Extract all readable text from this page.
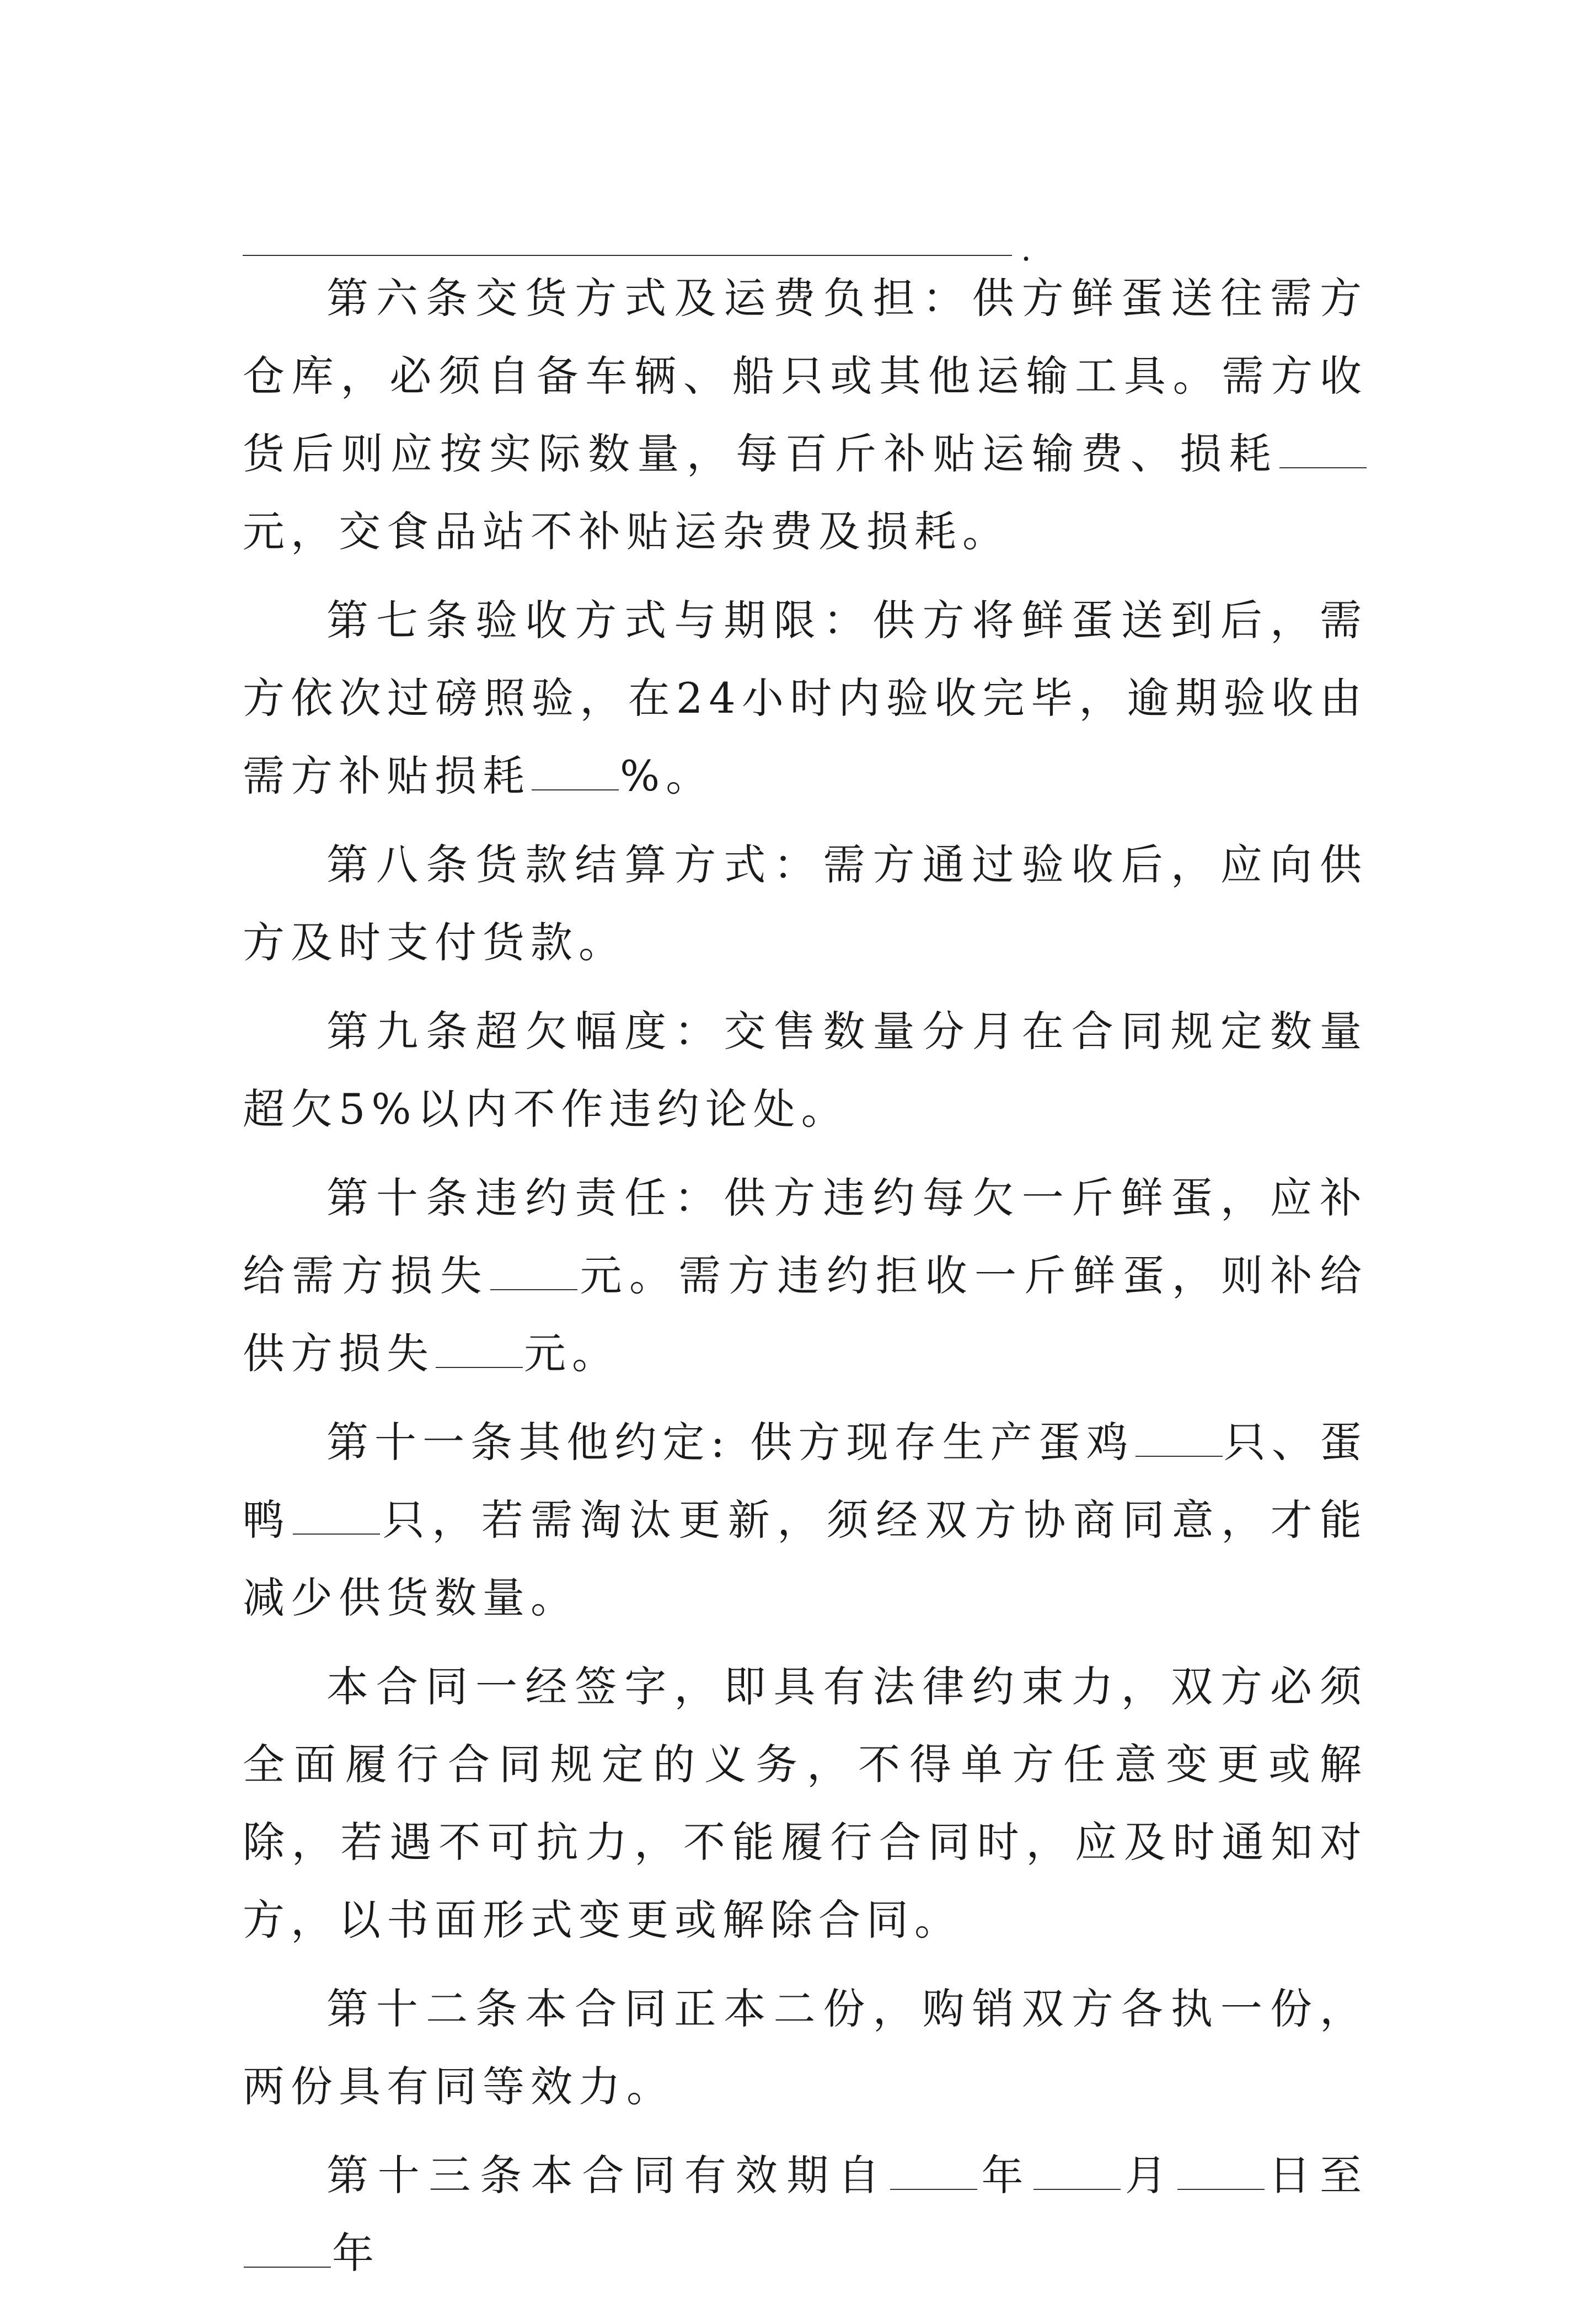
.

第六条交货方式及运费负担：供方鲜蛋送往需方仓库，必须自备车辆、船只或其他运输工具。需方收货后则应按实际数量，每百斤补贴运输费、损耗元，交食品站不补贴运杂费及损耗。

第七条验收方式与期限：供方将鲜蛋送到后，需方依次过磅照验，在24小时内验收完毕，逾期验收由需方补贴损耗 %。

第八条货款结算方式：需方通过验收后，应向供方及时支付货款。

第九条超欠幅度：交售数量分月在合同规定数量超欠5%以内不作违约论处。

第十条违约责任：供方违约每欠一斤鲜蛋，应补给需方损失 元。需方违约拒收一斤鲜蛋，则补给供方损失 元。

第十一条其他约定: 供方现存生产蛋鸡 只、蛋鸭 只，若需淘汰更新，须经双方协商同意，才能减少供货数量。

本合同一经签字，即具有法律约束力，双方必须全面履行合同规定的义务，不得单方任意变更或解除，若遇不可抗力，不能履行合同时，应及时通知对方，以书面形式变更或解除合同。

第十二条本合同正本二份，购销双方各执一份，两份具有同等效力。

第十三条本合同有效期自 年 月 日至年
